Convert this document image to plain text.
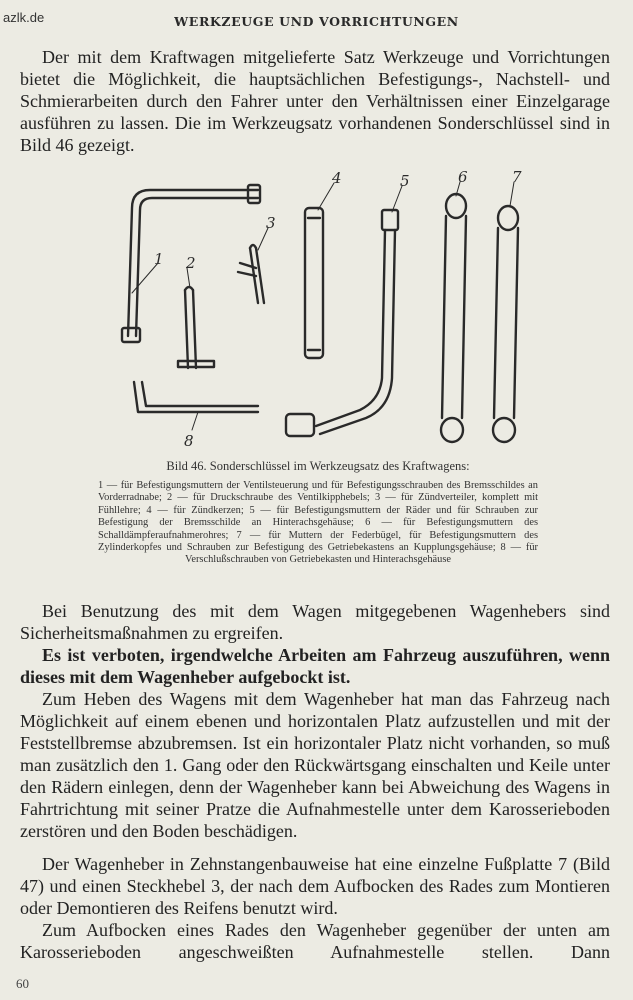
azlk.de	WERKZEUGE UND VORRICHTUNGEN

Der mit dem Kraftwagen mitgelieferte Satz Werkzeuge und Vorrichtungen bietet die Möglichkeit, die hauptsächlichen Befestigungs-, Nachstell- und Schmierarbeiten durch den Fahrer unter den Verhältnissen einer Einzelgarage ausführen zu lassen. Die im Werkzeugsatz vorhandenen Sonderschlüssel sind in Bild 46 gezeigt.

1 2
3
4	5	6	7
8
Bild 46. Sonderschlüssel im Werkzeugsatz des Kraftwagens:

1 — für Befestigungsmuttern der Ventilsteuerung und für Befestigungsschrauben des Bremsschildes an Vorderradnabe; 2 — für Druckschraube des Ventilkipphebels; 3 — für Zündverteiler, komplett mit Fühllehre; 4 — für Zündkerzen; 5 — für Befestigungsmuttern der Räder und für Schrauben zur Befestigung der Bremsschilde an Hinterachsgehäuse; 6 — für Befestigungsmuttern des Schalldämpferaufnahmerohres; 7 — für Muttern der Federbügel, für Befestigungsmuttern des Zylinderkopfes und Schrauben zur Befestigung des Getriebekastens an Kupplungsgehäuse; 8 — für Verschlußschrauben von Getriebekasten und Hinterachsgehäuse

Bei Benutzung des mit dem Wagen mitgegebenen Wagenhebers sind Sicherheitsmaßnahmen zu ergreifen.

Es ist verboten, irgendwelche Arbeiten am Fahrzeug auszuführen, wenn dieses mit dem Wagenheber aufgebockt ist.

Zum Heben des Wagens mit dem Wagenheber hat man das Fahrzeug nach Möglichkeit auf einem ebenen und horizontalen Platz aufzustellen und mit der Feststellbremse abzubremsen. Ist ein horizontaler Platz nicht vorhanden, so muß man zusätzlich den 1. Gang oder den Rückwärtsgang einschalten und Keile unter den Rädern einlegen, denn der Wagenheber kann bei Abweichung des Wagens in Fahrtrichtung mit seiner Pratze die Aufnahmestelle unter dem Karosserieboden zerstören und den Boden beschädigen.

Der Wagenheber in Zehnstangenbauweise hat eine einzelne Fußplatte 7 (Bild 47) und einen Steckhebel 3, der nach dem Aufbocken des Rades zum Montieren oder Demontieren des Reifens benutzt wird.

Zum Aufbocken eines Rades den Wagenheber gegenüber der unten am Karosserieboden angeschweißten Aufnahmestelle stellen. Dann

60
